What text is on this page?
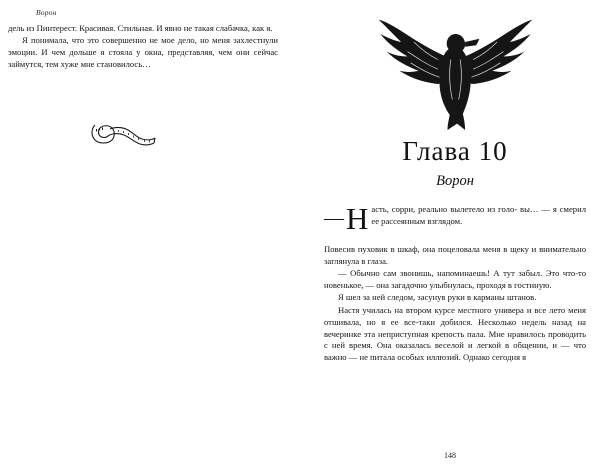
Ворон

дель из Пинтерест. Красивая. Стильная. И явно не такая слабачка, как я.

Я понимала, что это совершенно не мое дело, но меня захлестнули эмоции. И чем дольше я стояла у окна, представляя, чем они сейчас займутся, тем хуже мне становилось…

Глава 10
Ворон
— Н асть, сорри, реально вылетело из голо- вы… — я смерил ее рассеянным взглядом.

Повесив пуховик в шкаф, она поцеловала меня в щеку и внимательно заглянула в глаза.

— Обычно сам звонишь, напоминаешь! А тут забыл. Это что-то новенькое, — она загадочно улыбнулась, проходя в гостиную.

Я шел за ней следом, засунув руки в карманы штанов.

Настя училась на втором курсе местного универа и все лето меня отшивала, но я ее все-таки добился. Несколько недель назад на вечеринке эта неприступная крепость пала. Мне нравилось проводить с ней время. Она оказалась веселой и легкой в общении, и — что важно — не питала особых иллюзий. Однако сегодня я

148
